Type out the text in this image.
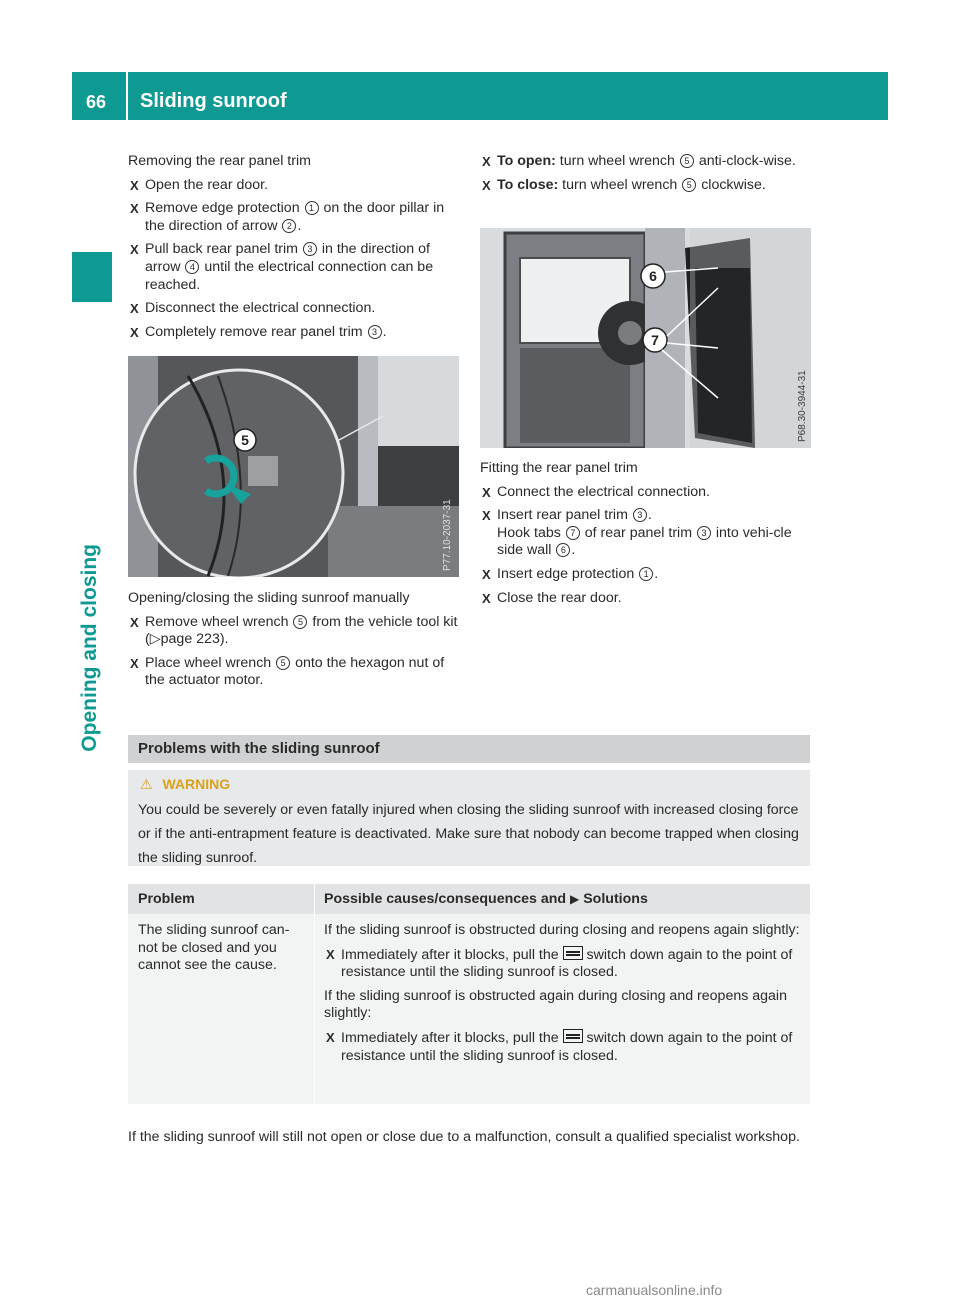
66 Sliding sunroof
Opening and closing

Removing the rear panel trim

X Open the rear door.
X Remove edge protection 1 on the door pillar in the direction of arrow 2 .
X Pull back rear panel trim 3 in the direction of arrow 4 until the electrical connection can be reached.
X Disconnect the electrical connection.
X Completely remove rear panel trim 3 .
5
P77.10-2037-31

Opening/closing the sliding sunroof manually

X Remove wheel wrench 5 from the vehicle tool kit (▷page 223).
X Place wheel wrench 5 onto the hexagon nut of the actuator motor.
X To open: turn wheel wrench 5 anti-clock-wise.
X To close: turn wheel wrench 5 clockwise.
6
7
P68.30-3944-31

Fitting the rear panel trim

X Connect the electrical connection.
X Insert rear panel trim 3 .
Hook tabs 7 of rear panel trim 3 into vehi-cle side wall 6 .
X Insert edge protection 1 .
X Close the rear door.
Problems with the sliding sunroof
⚠ WARNING
You could be severely or even fatally injured when closing the sliding sunroof with increased closing force or if the anti-entrapment feature is deactivated. Make sure that nobody can become trapped when closing the sliding sunroof.
Problem	Possible causes/consequences and ▶ Solutions
The sliding sunroof can-not be closed and you cannot see the cause.

If the sliding sunroof is obstructed during closing and reopens again slightly:

X Immediately after it blocks, pull the  switch down again to the point of resistance until the sliding sunroof is closed.

If the sliding sunroof is obstructed again during closing and reopens again slightly:

X Immediately after it blocks, pull the  switch down again to the point of resistance until the sliding sunroof is closed.
If the sliding sunroof will still not open or close due to a malfunction, consult a qualified specialist workshop.
carmanualsonline.info
